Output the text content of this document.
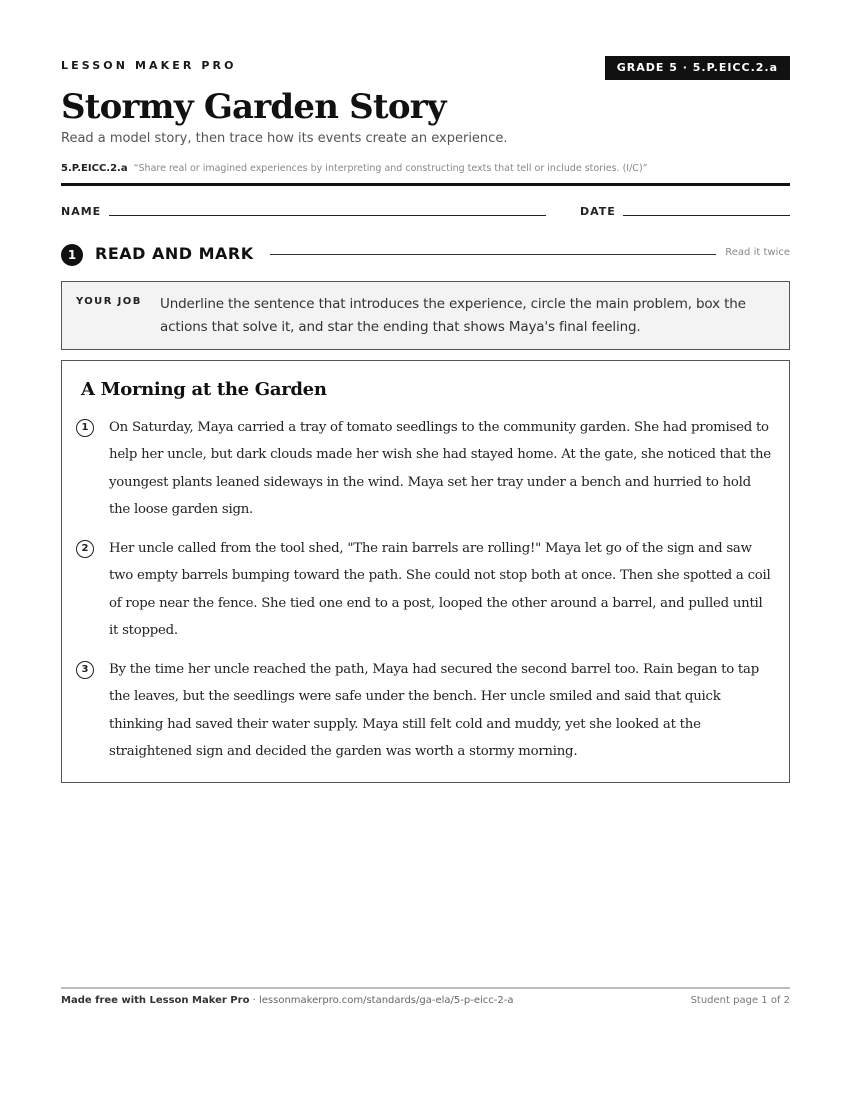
LESSON MAKER PRO	GRADE 5 · 5.P.EICC.2.a
Stormy Garden Story
Read a model story, then trace how its events create an experience.
5.P.EICC.2.a “Share real or imagined experiences by interpreting and constructing texts that tell or include stories. (I/C)”
NAME	DATE
1	READ AND MARK	Read it twice
YOUR JOB Underline the sentence that introduces the experience, circle the main problem, box the actions that solve it, and star the ending that shows Maya's final feeling.
A Morning at the Garden
1	On Saturday, Maya carried a tray of tomato seedlings to the community garden. She had promised to help her uncle, but dark clouds made her wish she had stayed home. At the gate, she noticed that the youngest plants leaned sideways in the wind. Maya set her tray under a bench and hurried to hold the loose garden sign.

2	Her uncle called from the tool shed, "The rain barrels are rolling!" Maya let go of the sign and saw two empty barrels bumping toward the path. She could not stop both at once. Then she spotted a coil of rope near the fence. She tied one end to a post, looped the other around a barrel, and pulled until it stopped.

3	By the time her uncle reached the path, Maya had secured the second barrel too. Rain began to tap the leaves, but the seedlings were safe under the bench. Her uncle smiled and said that quick thinking had saved their water supply. Maya still felt cold and muddy, yet she looked at the straightened sign and decided the garden was worth a stormy morning.

Made free with Lesson Maker Pro · lessonmakerpro.com/standards/ga-ela/5-p-eicc-2-a	Student page 1 of 2
